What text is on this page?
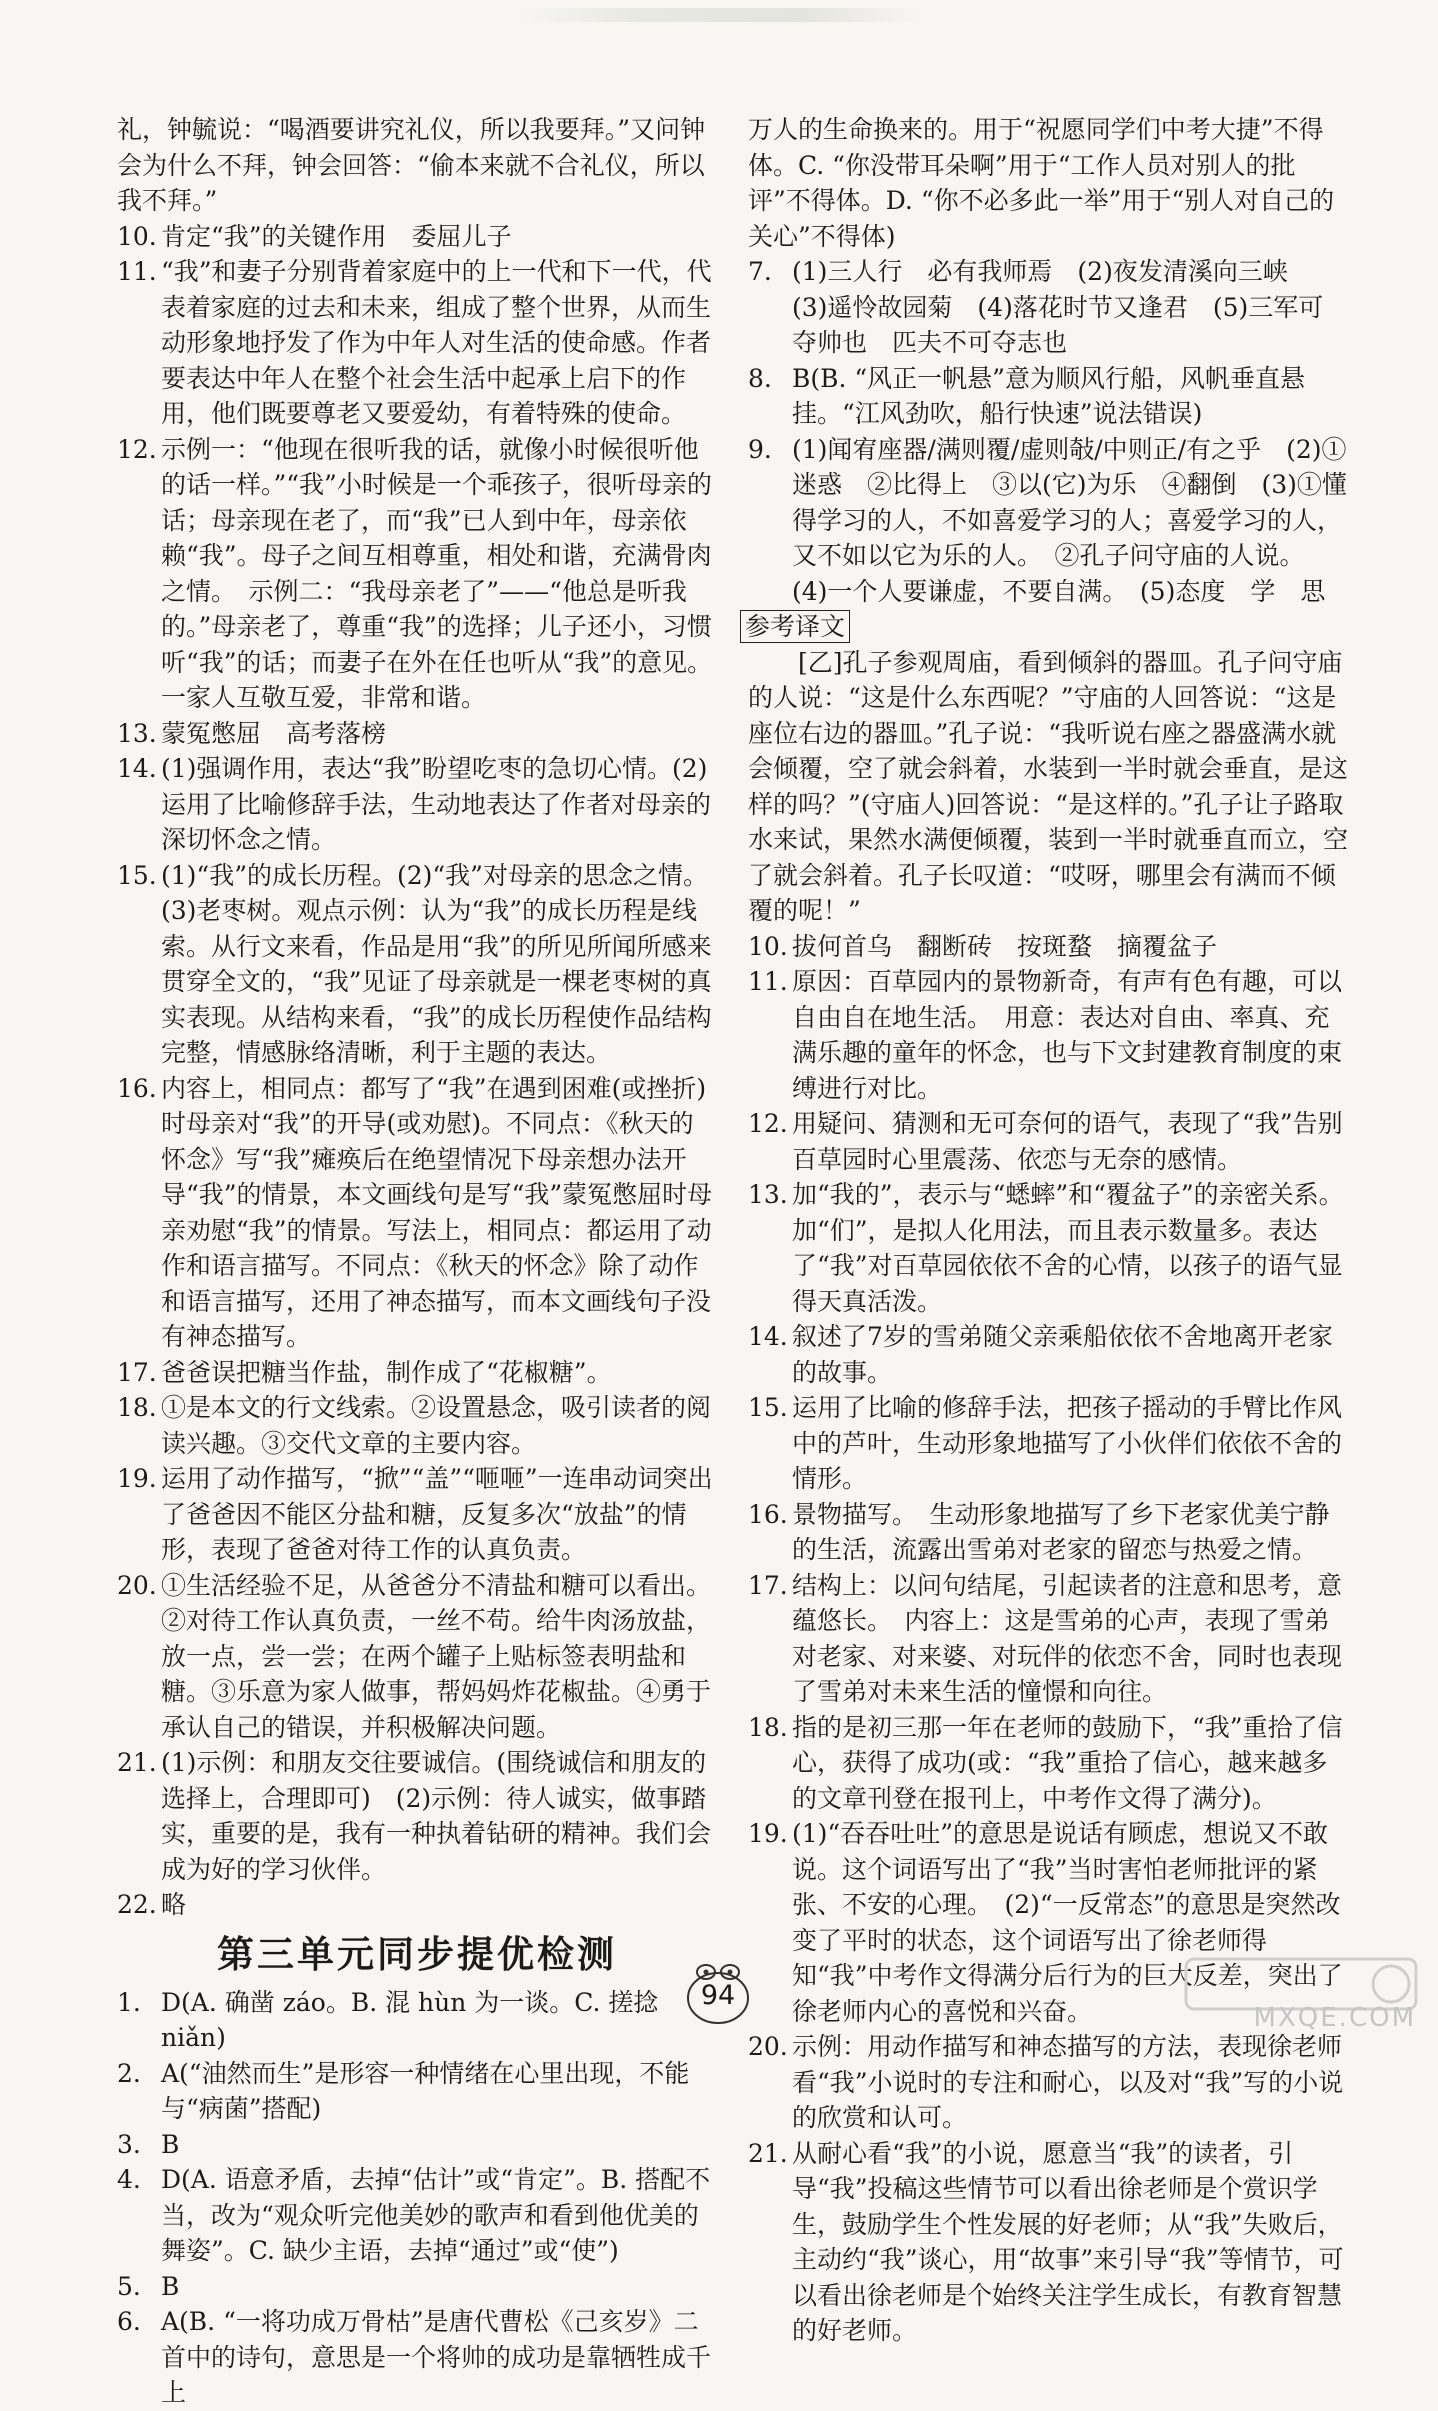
礼，钟毓说：“喝酒要讲究礼仪，所以我要拜。”又问钟会为什么不拜，钟会回答：“偷本来就不合礼仪，所以我不拜。”
10. 肯定“我”的关键作用　委屈儿子
11. “我”和妻子分别背着家庭中的上一代和下一代，代表着家庭的过去和未来，组成了整个世界，从而生动形象地抒发了作为中年人对生活的使命感。作者要表达中年人在整个社会生活中起承上启下的作用，他们既要尊老又要爱幼，有着特殊的使命。
12. 示例一：“他现在很听我的话，就像小时候很听他的话一样。”“我”小时候是一个乖孩子，很听母亲的话；母亲现在老了，而“我”已人到中年，母亲依赖“我”。母子之间互相尊重，相处和谐，充满骨肉之情。　示例二：“我母亲老了”——“他总是听我的。”母亲老了，尊重“我”的选择；儿子还小，习惯听“我”的话；而妻子在外在任也听从“我”的意见。一家人互敬互爱，非常和谐。
13. 蒙冤憋屈　高考落榜
14. (1)强调作用，表达“我”盼望吃枣的急切心情。(2)运用了比喻修辞手法，生动地表达了作者对母亲的深切怀念之情。
15. (1)“我”的成长历程。(2)“我”对母亲的思念之情。(3)老枣树。观点示例：认为“我”的成长历程是线索。从行文来看，作品是用“我”的所见所闻所感来贯穿全文的，“我”见证了母亲就是一棵老枣树的真实表现。从结构来看，“我”的成长历程使作品结构完整，情感脉络清晰，利于主题的表达。
16. 内容上，相同点：都写了“我”在遇到困难(或挫折)时母亲对“我”的开导(或劝慰)。不同点：《秋天的怀念》写“我”瘫痪后在绝望情况下母亲想办法开导“我”的情景，本文画线句是写“我”蒙冤憋屈时母亲劝慰“我”的情景。写法上，相同点：都运用了动作和语言描写。不同点：《秋天的怀念》除了动作和语言描写，还用了神态描写，而本文画线句子没有神态描写。
17. 爸爸误把糖当作盐，制作成了“花椒糖”。
18. ①是本文的行文线索。②设置悬念，吸引读者的阅读兴趣。③交代文章的主要内容。
19. 运用了动作描写，“掀”“盖”“咂咂”一连串动词突出了爸爸因不能区分盐和糖，反复多次“放盐”的情形，表现了爸爸对待工作的认真负责。
20. ①生活经验不足，从爸爸分不清盐和糖可以看出。②对待工作认真负责，一丝不苟。给牛肉汤放盐，放一点，尝一尝；在两个罐子上贴标签表明盐和糖。③乐意为家人做事，帮妈妈炸花椒盐。④勇于承认自己的错误，并积极解决问题。
21. (1)示例：和朋友交往要诚信。(围绕诚信和朋友的选择上，合理即可)　(2)示例：待人诚实，做事踏实，重要的是，我有一种执着钻研的精神。我们会成为好的学习伙伴。
22. 略
第三单元同步提优检测
1. D(A. 确凿 záo。B. 混 hùn 为一谈。C. 搓捻 niǎn)
2. A(“油然而生”是形容一种情绪在心里出现，不能与“病菌”搭配)
3. B
4. D(A. 语意矛盾，去掉“估计”或“肯定”。B. 搭配不当，改为“观众听完他美妙的歌声和看到他优美的舞姿”。C. 缺少主语，去掉“通过”或“使”)
5. B
6. A(B. “一将功成万骨枯”是唐代曹松《己亥岁》二首中的诗句，意思是一个将帅的成功是靠牺牲成千上
万人的生命换来的。用于“祝愿同学们中考大捷”不得体。C. “你没带耳朵啊”用于“工作人员对别人的批评”不得体。D. “你不必多此一举”用于“别人对自己的关心”不得体)
7. (1)三人行　必有我师焉　(2)夜发清溪向三峡　(3)遥怜故园菊　(4)落花时节又逢君　(5)三军可夺帅也　匹夫不可夺志也
8. B(B. “风正一帆悬”意为顺风行船，风帆垂直悬挂。“江风劲吹，船行快速”说法错误)
9. (1)闻宥座器/满则覆/虚则敧/中则正/有之乎　(2)①迷惑　②比得上　③以(它)为乐　④翻倒　(3)①懂得学习的人，不如喜爱学习的人；喜爱学习的人，又不如以它为乐的人。　②孔子问守庙的人说。　(4)一个人要谦虚，不要自满。　(5)态度　学　思
参考译文
[乙]孔子参观周庙，看到倾斜的器皿。孔子问守庙的人说：“这是什么东西呢？”守庙的人回答说：“这是座位右边的器皿。”孔子说：“我听说右座之器盛满水就会倾覆，空了就会斜着，水装到一半时就会垂直，是这样的吗？”(守庙人)回答说：“是这样的。”孔子让子路取水来试，果然水满便倾覆，装到一半时就垂直而立，空了就会斜着。孔子长叹道：“哎呀，哪里会有满而不倾覆的呢！”
10. 拔何首乌　翻断砖　按斑蝥　摘覆盆子
11. 原因：百草园内的景物新奇，有声有色有趣，可以自由自在地生活。　用意：表达对自由、率真、充满乐趣的童年的怀念，也与下文封建教育制度的束缚进行对比。
12. 用疑问、猜测和无可奈何的语气，表现了“我”告别百草园时心里震荡、依恋与无奈的感情。
13. 加“我的”，表示与“蟋蟀”和“覆盆子”的亲密关系。加“们”，是拟人化用法，而且表示数量多。表达了“我”对百草园依依不舍的心情，以孩子的语气显得天真活泼。
14. 叙述了7岁的雪弟随父亲乘船依依不舍地离开老家的故事。
15. 运用了比喻的修辞手法，把孩子摇动的手臂比作风中的芦叶，生动形象地描写了小伙伴们依依不舍的情形。
16. 景物描写。　生动形象地描写了乡下老家优美宁静的生活，流露出雪弟对老家的留恋与热爱之情。
17. 结构上：以问句结尾，引起读者的注意和思考，意蕴悠长。　内容上：这是雪弟的心声，表现了雪弟对老家、对来婆、对玩伴的依恋不舍，同时也表现了雪弟对未来生活的憧憬和向往。
18. 指的是初三那一年在老师的鼓励下，“我”重拾了信心，获得了成功(或：“我”重拾了信心，越来越多的文章刊登在报刊上，中考作文得了满分)。
19. (1)“吞吞吐吐”的意思是说话有顾虑，想说又不敢说。这个词语写出了“我”当时害怕老师批评的紧张、不安的心理。　(2)“一反常态”的意思是突然改变了平时的状态，这个词语写出了徐老师得知“我”中考作文得满分后行为的巨大反差，突出了徐老师内心的喜悦和兴奋。
20. 示例：用动作描写和神态描写的方法，表现徐老师看“我”小说时的专注和耐心，以及对“我”写的小说的欣赏和认可。
21. 从耐心看“我”的小说，愿意当“我”的读者，引导“我”投稿这些情节可以看出徐老师是个赏识学生，鼓励学生个性发展的好老师；从“我”失败后，主动约“我”谈心，用“故事”来引导“我”等情节，可以看出徐老师是个始终关注学生成长，有教育智慧的好老师。
94
MXQE.COM
